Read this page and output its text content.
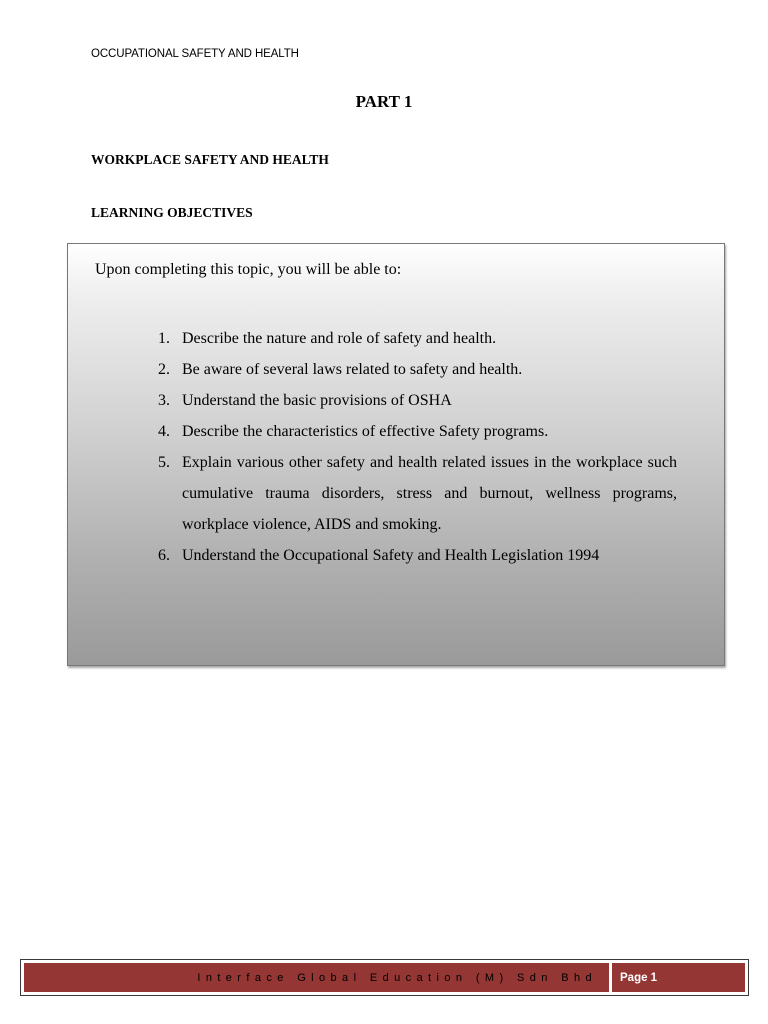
OCCUPATIONAL SAFETY AND HEALTH
PART 1
WORKPLACE SAFETY AND HEALTH
LEARNING OBJECTIVES
Upon completing this topic, you will be able to:
1. Describe the nature and role of safety and health.
2. Be aware of several laws related to safety and health.
3. Understand the basic provisions of OSHA
4. Describe the characteristics of effective Safety programs.
5. Explain various other safety and health related issues in the workplace such cumulative trauma disorders, stress and burnout, wellness programs, workplace violence, AIDS and smoking.
6. Understand the Occupational Safety and Health Legislation 1994
Interface Global Education (M) Sdn Bhd	Page 1
